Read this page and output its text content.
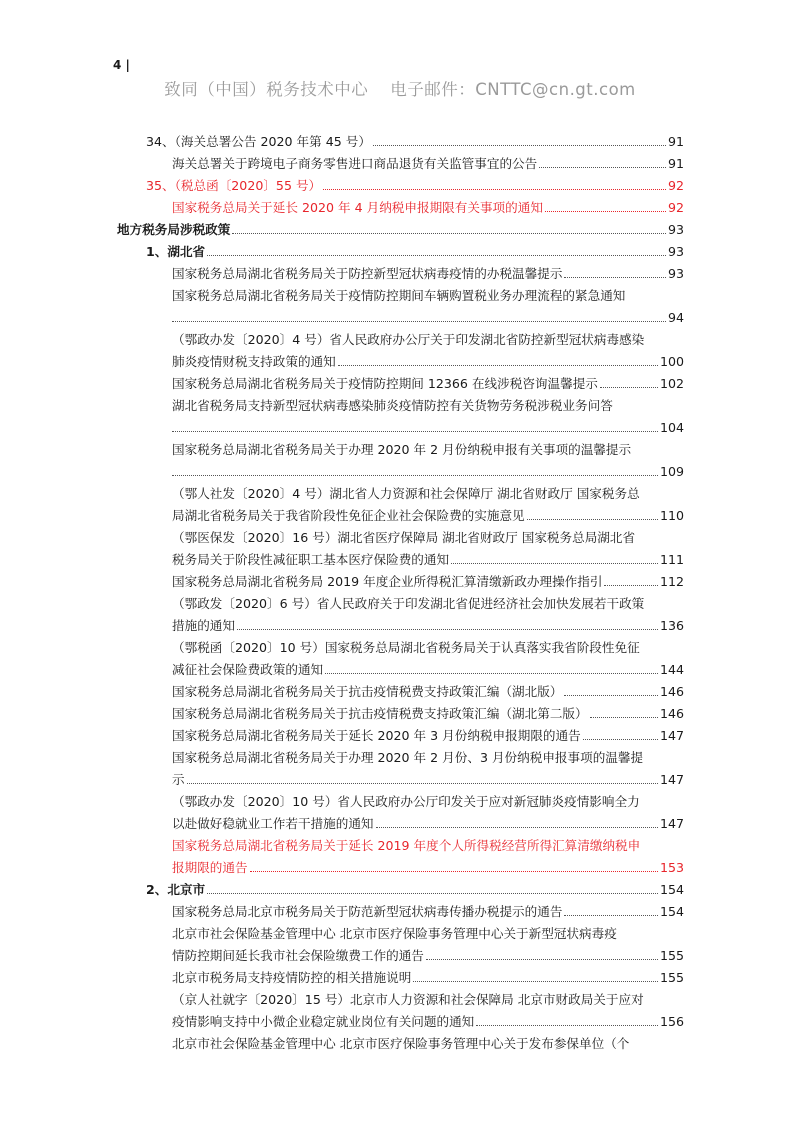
4 |
致同（中国）税务技术中心 电子邮件：CNTTC@cn.gt.com
34、（海关总署公告 2020 年第 45 号）	91
海关总署关于跨境电子商务零售进口商品退货有关监管事宜的公告	91
35、（税总函〔2020〕55 号）	92
国家税务总局关于延长 2020 年 4 月纳税申报期限有关事项的通知	92
地方税务局涉税政策	93
1、湖北省	93
国家税务总局湖北省税务局关于防控新型冠状病毒疫情的办税温馨提示	93
国家税务总局湖北省税务局关于疫情防控期间车辆购置税业务办理流程的紧急通知
94
（鄂政办发〔2020〕4 号）省人民政府办公厅关于印发湖北省防控新型冠状病毒感染
肺炎疫情财税支持政策的通知	100
国家税务总局湖北省税务局关于疫情防控期间 12366 在线涉税咨询温馨提示	102
湖北省税务局支持新型冠状病毒感染肺炎疫情防控有关货物劳务税涉税业务问答
104
国家税务总局湖北省税务局关于办理 2020 年 2 月份纳税申报有关事项的温馨提示
109
（鄂人社发〔2020〕4 号）湖北省人力资源和社会保障厅 湖北省财政厅 国家税务总
局湖北省税务局关于我省阶段性免征企业社会保险费的实施意见	110
（鄂医保发〔2020〕16 号）湖北省医疗保障局 湖北省财政厅 国家税务总局湖北省
税务局关于阶段性减征职工基本医疗保险费的通知	111
国家税务总局湖北省税务局 2019 年度企业所得税汇算清缴新政办理操作指引	112
（鄂政发〔2020〕6 号）省人民政府关于印发湖北省促进经济社会加快发展若干政策
措施的通知	136
（鄂税函〔2020〕10 号）国家税务总局湖北省税务局关于认真落实我省阶段性免征
减征社会保险费政策的通知	144
国家税务总局湖北省税务局关于抗击疫情税费支持政策汇编（湖北版）	146
国家税务总局湖北省税务局关于抗击疫情税费支持政策汇编（湖北第二版）	146
国家税务总局湖北省税务局关于延长 2020 年 3 月份纳税申报期限的通告	147
国家税务总局湖北省税务局关于办理 2020 年 2 月份、3 月份纳税申报事项的温馨提
示	147
（鄂政办发〔2020〕10 号）省人民政府办公厅印发关于应对新冠肺炎疫情影响全力
以赴做好稳就业工作若干措施的通知	147
国家税务总局湖北省税务局关于延长 2019 年度个人所得税经营所得汇算清缴纳税申
报期限的通告	153
2、北京市	154
国家税务总局北京市税务局关于防范新型冠状病毒传播办税提示的通告	154
北京市社会保险基金管理中心 北京市医疗保险事务管理中心关于新型冠状病毒疫
情防控期间延长我市社会保险缴费工作的通告	155
北京市税务局支持疫情防控的相关措施说明	155
（京人社就字〔2020〕15 号）北京市人力资源和社会保障局 北京市财政局关于应对
疫情影响支持中小微企业稳定就业岗位有关问题的通知	156
北京市社会保险基金管理中心 北京市医疗保险事务管理中心关于发布参保单位（个
